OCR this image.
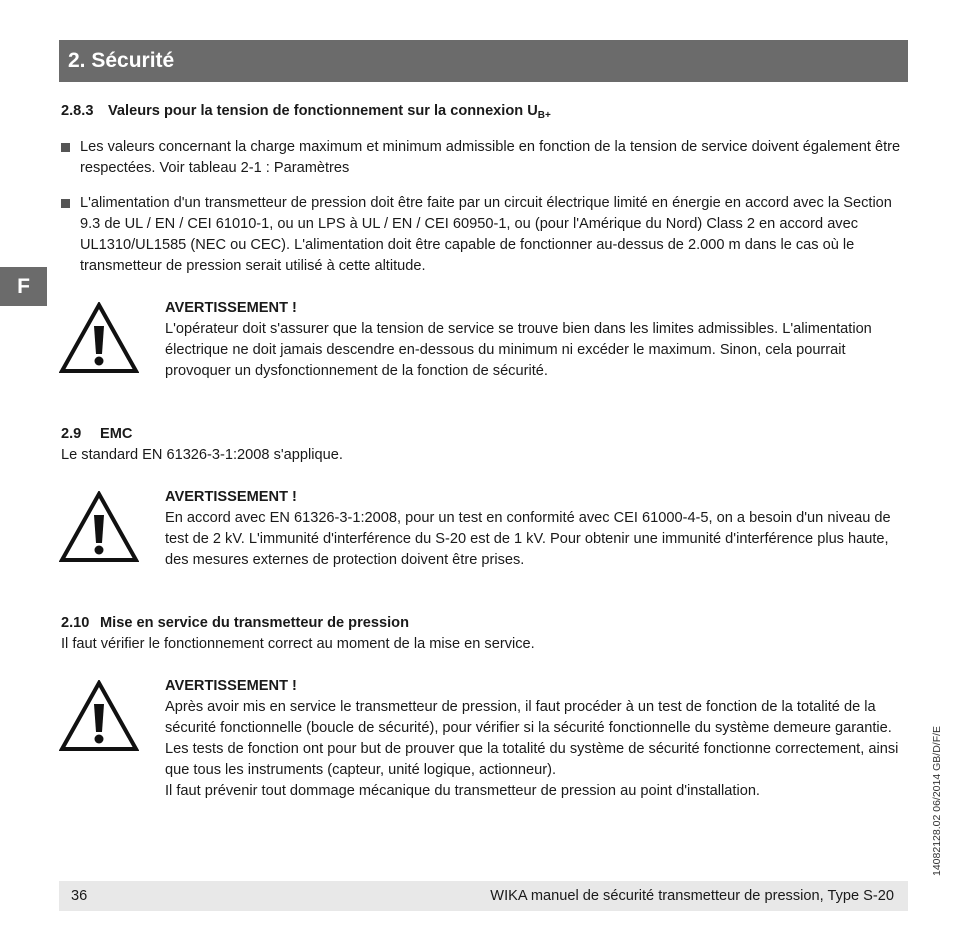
2. Sécurité
F
2.8.3 Valeurs pour la tension de fonctionnement sur la connexion $U_{B+}$
Les valeurs concernant la charge maximum et minimum admissible en fonction de la tension de service doivent également être respectées. Voir tableau 2-1 : Paramètres
L'alimentation d'un transmetteur de pression doit être faite par un circuit électrique limité en énergie en accord avec la Section 9.3 de UL / EN / CEI 61010-1, ou un LPS à UL / EN / CEI 60950-1, ou (pour l'Amérique du Nord) Class 2 en accord avec UL1310/UL1585 (NEC ou CEC). L'alimentation doit être capable de fonctionner au-dessus de 2.000 m dans le cas où le transmetteur de pression serait utilisé à cette altitude.
AVERTISSEMENT !
L'opérateur doit s'assurer que la tension de service se trouve bien dans les limites admissibles. L'alimentation électrique ne doit jamais descendre en-dessous du minimum ni excéder le maximum. Sinon, cela pourrait provoquer un dysfonctionnement de la fonction de sécurité.
2.9 EMC
Le standard EN 61326-3-1:2008 s'applique.
AVERTISSEMENT !
En accord avec EN 61326-3-1:2008, pour un test en conformité avec CEI 61000-4-5, on a besoin d'un niveau de test de 2 kV. L'immunité d'interférence du S-20 est de 1 kV. Pour obtenir une immunité d'interférence plus haute, des mesures externes de protection doivent être prises.
2.10 Mise en service du transmetteur de pression
Il faut vérifier le fonctionnement correct au moment de la mise en service.
AVERTISSEMENT !
Après avoir mis en service le transmetteur de pression, il faut procéder à un test de fonction de la totalité de la sécurité fonctionnelle (boucle de sécurité), pour vérifier si la sécurité fonctionnelle du système demeure garantie. Les tests de fonction ont pour but de prouver que la totalité du système de sécurité fonctionne correctement, ainsi que tous les instruments (capteur, unité logique, actionneur).
Il faut prévenir tout dommage mécanique du transmetteur de pression au point d'installation.
36	WIKA manuel de sécurité transmetteur de pression, Type S-20
14082128.02 06/2014 GB/D/F/E
